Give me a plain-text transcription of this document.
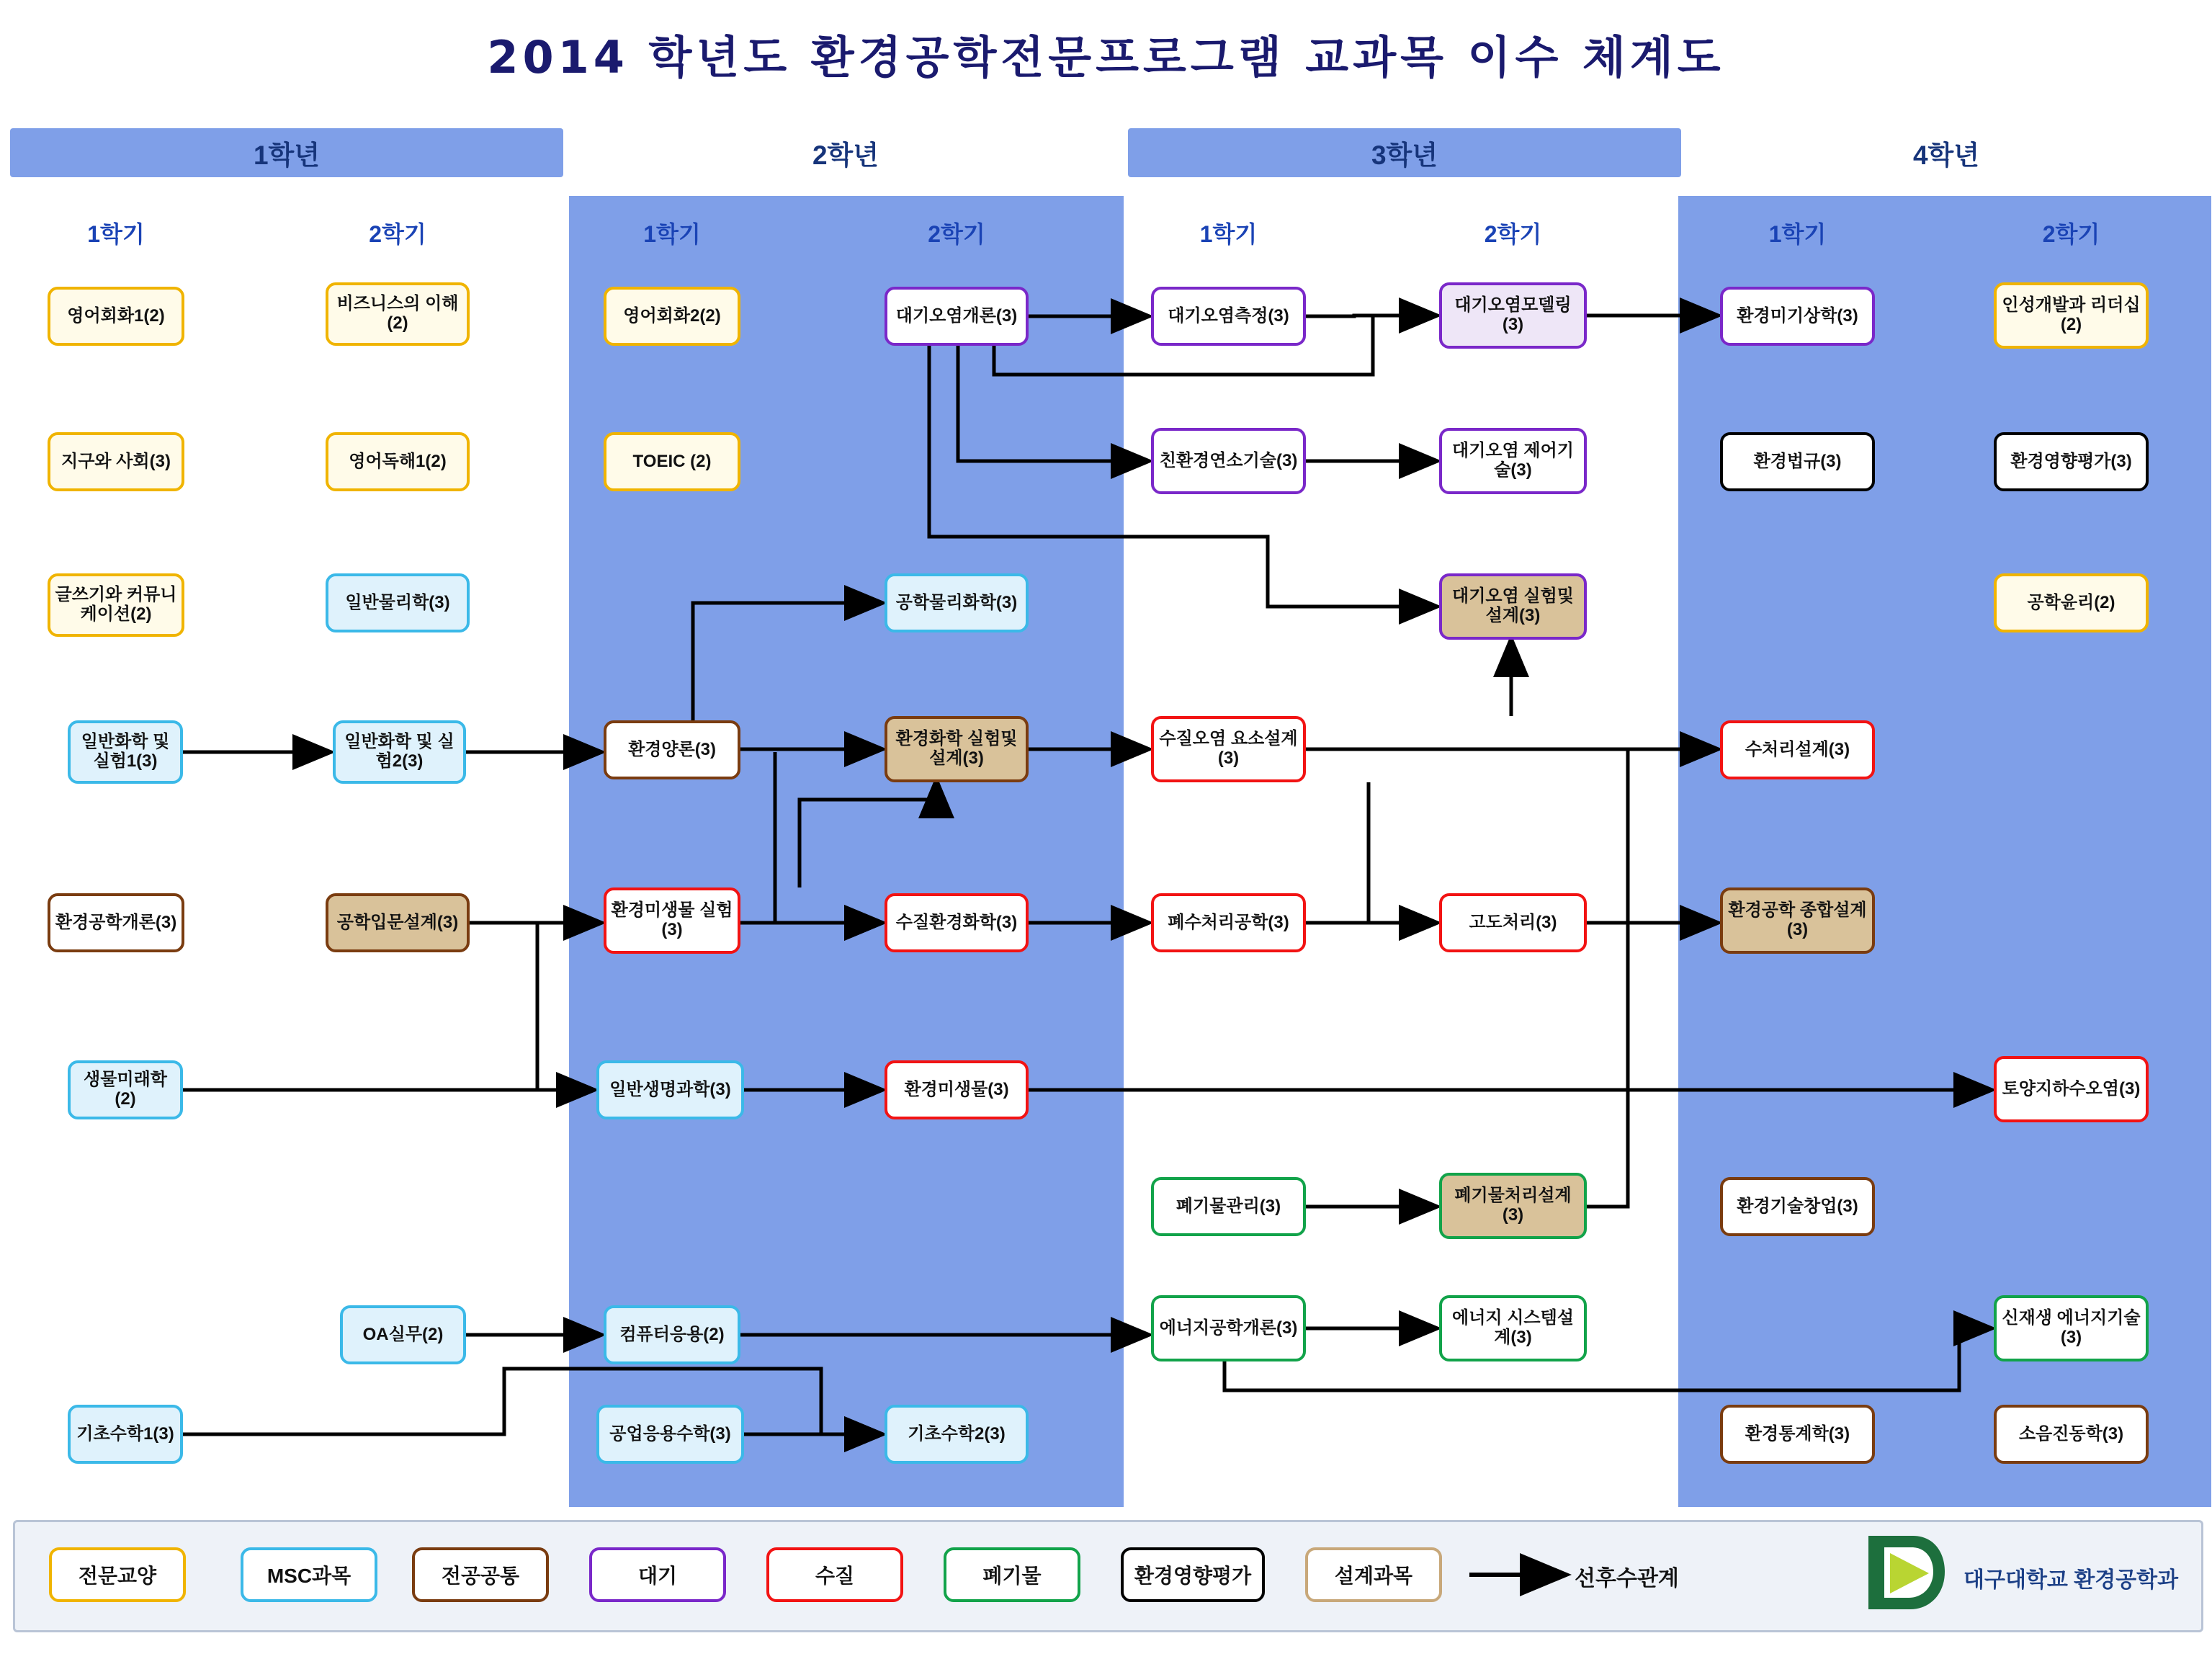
2014 학년도 환경공학전문프로그램 교과목 이수 체계도
1학년	2학년	3학년	4학년
1학기	2학기	1학기	2학기	1학기	2학기	1학기	2학기
영어회화1(2)
지구와 사회(3)
글쓰기와 커뮤니케이션(2)
일반화학 및 실험1(3)
환경공학개론(3)
생물미래학(2)
기초수학1(3)
비즈니스의 이해(2)
영어독해1(2)
일반물리학(3)
일반화학 및 실험2(3)
공학입문설계(3)
OA실무(2)
영어회화2(2)
TOEIC (2)
환경양론(3)
환경미생물 실험(3)
일반생명과학(3)
컴퓨터응용(2)
공업응용수학(3)
대기오염개론(3)
공학물리화학(3)
환경화학 실험및설계(3)
수질환경화학(3)
환경미생물(3)
기초수학2(3)
대기오염측정(3)
친환경연소기술(3)
수질오염 요소설계(3)
폐수처리공학(3)
폐기물관리(3)
에너지공학개론(3)
대기오염모델링(3)
대기오염 제어기술(3)
대기오염 실험및설계(3)
고도처리(3)
폐기물처리설계(3)
에너지 시스템설계(3)
환경미기상학(3)
환경법규(3)
수처리설계(3)
환경공학 종합설계(3)
환경기술창업(3)
환경통계학(3)
인성개발과 리더십(2)
환경영향평가(3)
공학윤리(2)
토양지하수오염(3)
신재생 에너지기술(3)
소음진동학(3)
전문교양	MSC과목	전공공통	대기	수질	폐기물	환경영향평가	설계과목	선후수관계	대구대학교 환경공학과
